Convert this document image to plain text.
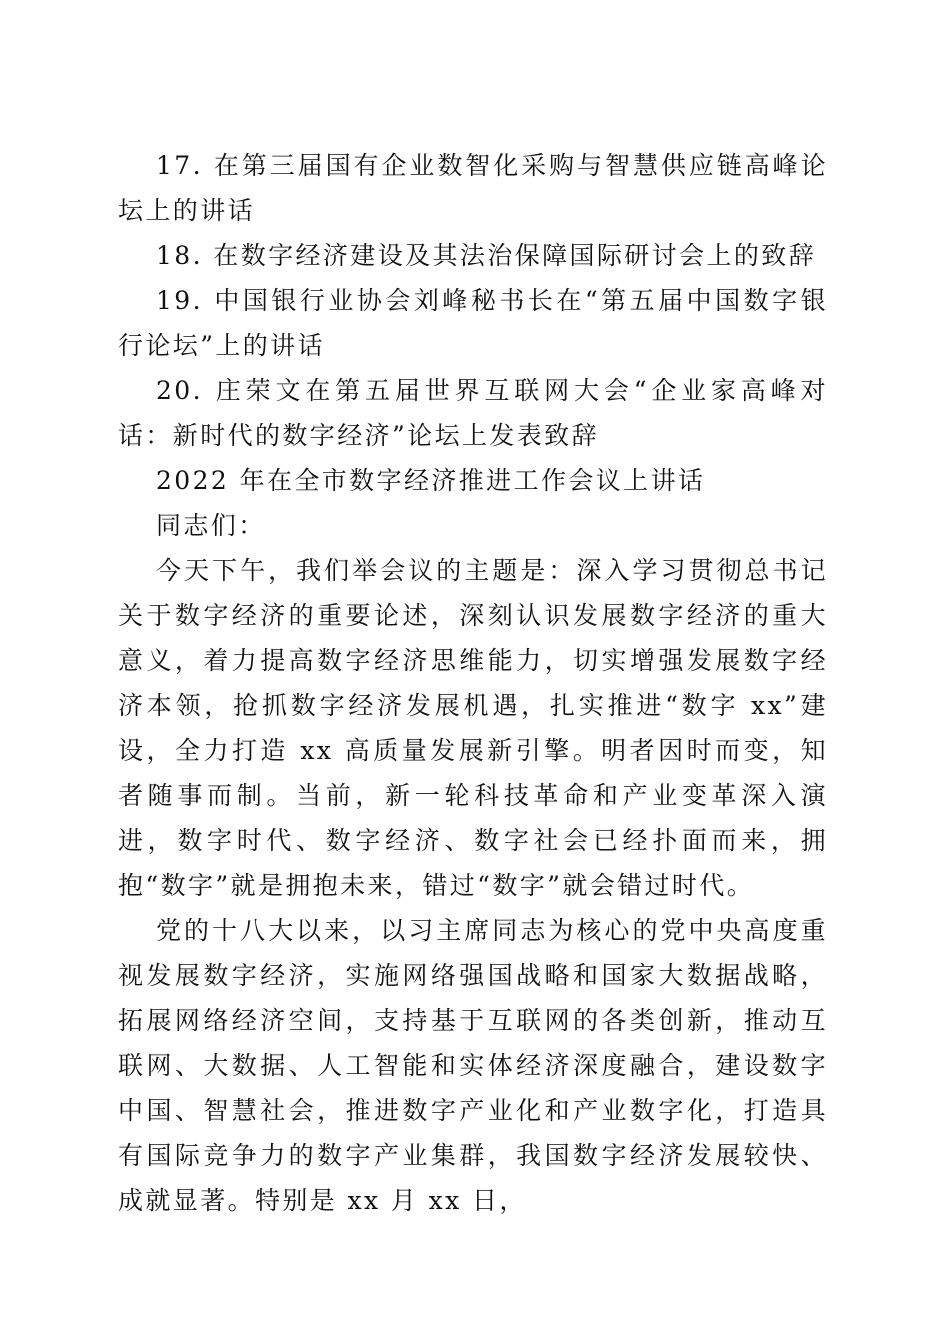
17. 在第三届国有企业数智化采购与智慧供应链高峰论坛上的讲话

18. 在数字经济建设及其法治保障国际研讨会上的致辞

19. 中国银行业协会刘峰秘书长在“第五届中国数字银行论坛”上的讲话

20. 庄荣文在第五届世界互联网大会“企业家高峰对话：新时代的数字经济”论坛上发表致辞

2022 年在全市数字经济推进工作会议上讲话

同志们：

今天下午，我们举会议的主题是：深入学习贯彻总书记关于数字经济的重要论述，深刻认识发展数字经济的重大意义，着力提高数字经济思维能力，切实增强发展数字经济本领，抢抓数字经济发展机遇，扎实推进“数字 xx”建设，全力打造 xx 高质量发展新引擎。明者因时而变，知者随事而制。当前，新一轮科技革命和产业变革深入演进，数字时代、数字经济、数字社会已经扑面而来，拥抱“数字”就是拥抱未来，错过“数字”就会错过时代。

党的十八大以来，以习主席同志为核心的党中央高度重视发展数字经济，实施网络强国战略和国家大数据战略，拓展网络经济空间，支持基于互联网的各类创新，推动互联网、大数据、人工智能和实体经济深度融合，建设数字中国、智慧社会，推进数字产业化和产业数字化，打造具有国际竞争力的数字产业集群，我国数字经济发展较快、成就显著。特别是 xx 月 xx 日，
